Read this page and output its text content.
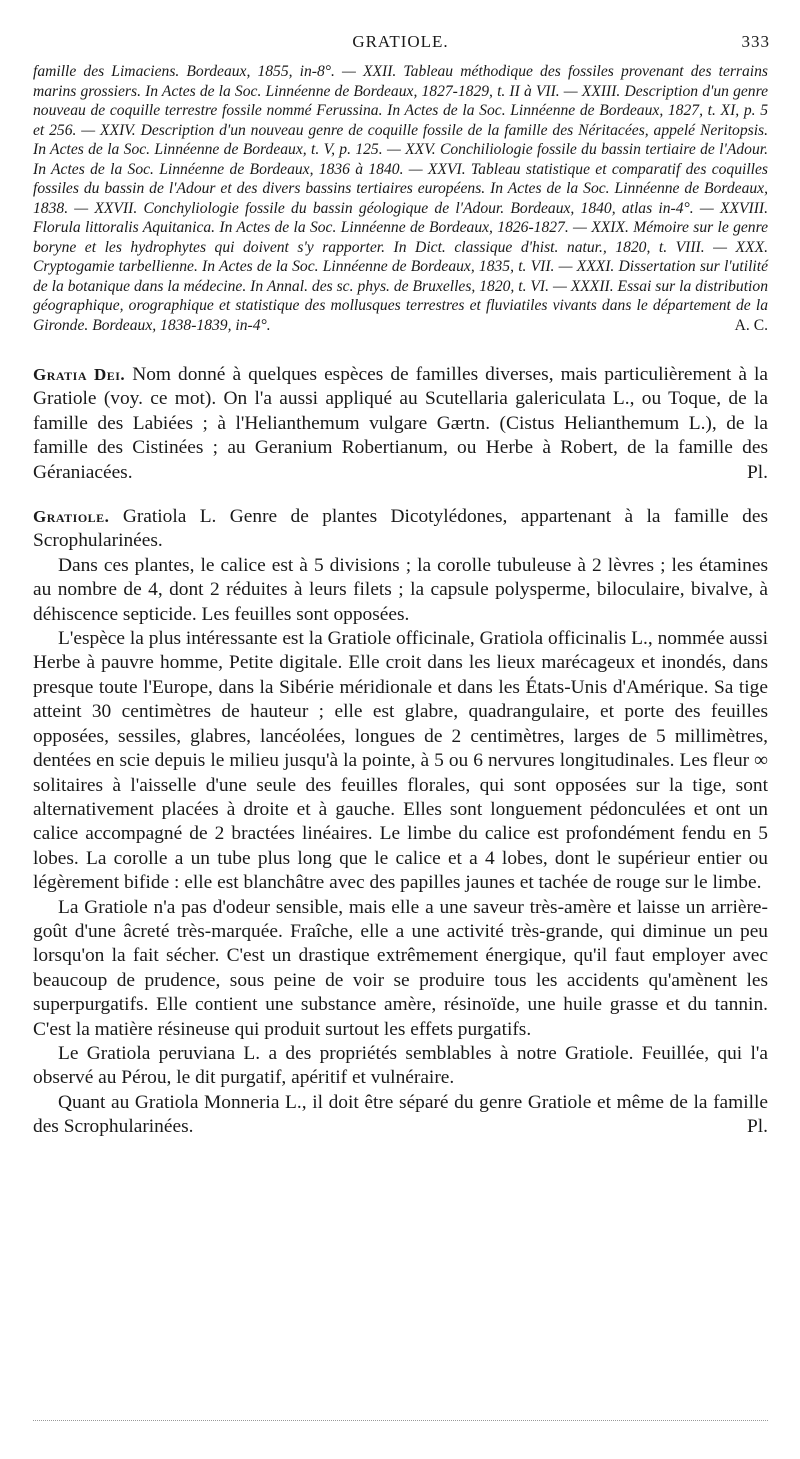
GRATIOLE.	333
famille des Limaciens. Bordeaux, 1855, in-8°. — XXII. Tableau méthodique des fossiles provenant des terrains marins grossiers. In Actes de la Soc. Linnéenne de Bordeaux, 1827-1829, t. II à VII. — XXIII. Description d'un genre nouveau de coquille terrestre fossile nommé Ferussina. In Actes de la Soc. Linnéenne de Bordeaux, 1827, t. XI, p. 5 et 256. — XXIV. Description d'un nouveau genre de coquille fossile de la famille des Néritacées, appelé Neritopsis. In Actes de la Soc. Linnéenne de Bordeaux, t. V, p. 125. — XXV. Conchiliologie fossile du bassin tertiaire de l'Adour. In Actes de la Soc. Linnéenne de Bordeaux, 1836 à 1840. — XXVI. Tableau statistique et comparatif des coquilles fossiles du bassin de l'Adour et des divers bassins tertiaires européens. In Actes de la Soc. Linnéenne de Bordeaux, 1838. — XXVII. Conchyliologie fossile du bassin géologique de l'Adour. Bordeaux, 1840, atlas in-4°. — XXVIII. Florula littoralis Aquitanica. In Actes de la Soc. Linnéenne de Bordeaux, 1826-1827. — XXIX. Mémoire sur le genre boryne et les hydrophytes qui doivent s'y rapporter. In Dict. classique d'hist. natur., 1820, t. VIII. — XXX. Cryptogamie tarbellienne. In Actes de la Soc. Linnéenne de Bordeaux, 1835, t. VII. — XXXI. Dissertation sur l'utilité de la botanique dans la médecine. In Annal. des sc. phys. de Bruxelles, 1820, t. VI. — XXXII. Essai sur la distribution géographique, orographique et statistique des mollusques terrestres et fluviatiles vivants dans le département de la Gironde. Bordeaux, 1838-1839, in-4°.	A. C.

Gratia Dei. Nom donné à quelques espèces de familles diverses, mais particulièrement à la Gratiole (voy. ce mot). On l'a aussi appliqué au Scutellaria galericulata L., ou Toque, de la famille des Labiées ; à l'Helianthemum vulgare Gærtn. (Cistus Helianthemum L.), de la famille des Cistinées ; au Geranium Robertianum, ou Herbe à Robert, de la famille des Géraniacées.	Pl.

Gratiole. Gratiola L. Genre de plantes Dicotylédones, appartenant à la famille des Scrophularinées.

Dans ces plantes, le calice est à 5 divisions ; la corolle tubuleuse à 2 lèvres ; les étamines au nombre de 4, dont 2 réduites à leurs filets ; la capsule polysperme, biloculaire, bivalve, à déhiscence septicide. Les feuilles sont opposées.

L'espèce la plus intéressante est la Gratiole officinale, Gratiola officinalis L., nommée aussi Herbe à pauvre homme, Petite digitale. Elle croit dans les lieux marécageux et inondés, dans presque toute l'Europe, dans la Sibérie méridionale et dans les États-Unis d'Amérique. Sa tige atteint 30 centimètres de hauteur ; elle est glabre, quadrangulaire, et porte des feuilles opposées, sessiles, glabres, lancéolées, longues de 2 centimètres, larges de 5 millimètres, dentées en scie depuis le milieu jusqu'à la pointe, à 5 ou 6 nervures longitudinales. Les fleur ∞ solitaires à l'aisselle d'une seule des feuilles florales, qui sont opposées sur la tige, sont alternativement placées à droite et à gauche. Elles sont longuement pédonculées et ont un calice accompagné de 2 bractées linéaires. Le limbe du calice est profondément fendu en 5 lobes. La corolle a un tube plus long que le calice et a 4 lobes, dont le supérieur entier ou légèrement bifide : elle est blanchâtre avec des papilles jaunes et tachée de rouge sur le limbe.

La Gratiole n'a pas d'odeur sensible, mais elle a une saveur très-amère et laisse un arrière-goût d'une âcreté très-marquée. Fraîche, elle a une activité très-grande, qui diminue un peu lorsqu'on la fait sécher. C'est un drastique extrêmement énergique, qu'il faut employer avec beaucoup de prudence, sous peine de voir se produire tous les accidents qu'amènent les superpurgatifs. Elle contient une substance amère, résinoïde, une huile grasse et du tannin. C'est la matière résineuse qui produit surtout les effets purgatifs.

Le Gratiola peruviana L. a des propriétés semblables à notre Gratiole. Feuillée, qui l'a observé au Pérou, le dit purgatif, apéritif et vulnéraire.

Quant au Gratiola Monneria L., il doit être séparé du genre Gratiole et même de la famille des Scrophularinées.	Pl.
